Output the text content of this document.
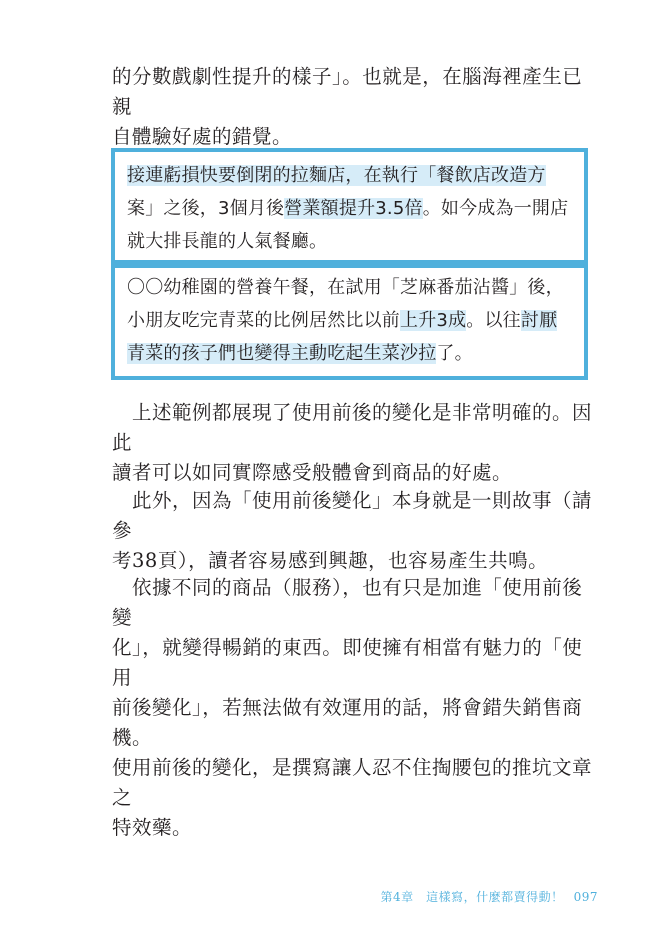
的分數戲劇性提升的樣子」。也就是，在腦海裡產生已親
自體驗好處的錯覺。

接連虧損快要倒閉的拉麵店，在執行「餐飲店改造方
案」之後，3個月後營業額提升3.5倍。如今成為一開店
就大排長龍的人氣餐廳。
〇〇幼稚園的營養午餐，在試用「芝麻番茄沾醬」後，
小朋友吃完青菜的比例居然比以前上升3成。以往討厭
青菜的孩子們也變得主動吃起生菜沙拉了。

　上述範例都展現了使用前後的變化是非常明確的。因此
讀者可以如同實際感受般體會到商品的好處。

　此外，因為「使用前後變化」本身就是一則故事（請參
考38頁），讀者容易感到興趣，也容易產生共鳴。

　依據不同的商品（服務），也有只是加進「使用前後變
化」，就變得暢銷的東西。即使擁有相當有魅力的「使用
前後變化」，若無法做有效運用的話，將會錯失銷售商機。
使用前後的變化，是撰寫讓人忍不住掏腰包的推坑文章之
特效藥。

第4章　這樣寫，什麼都賣得動！ 097
